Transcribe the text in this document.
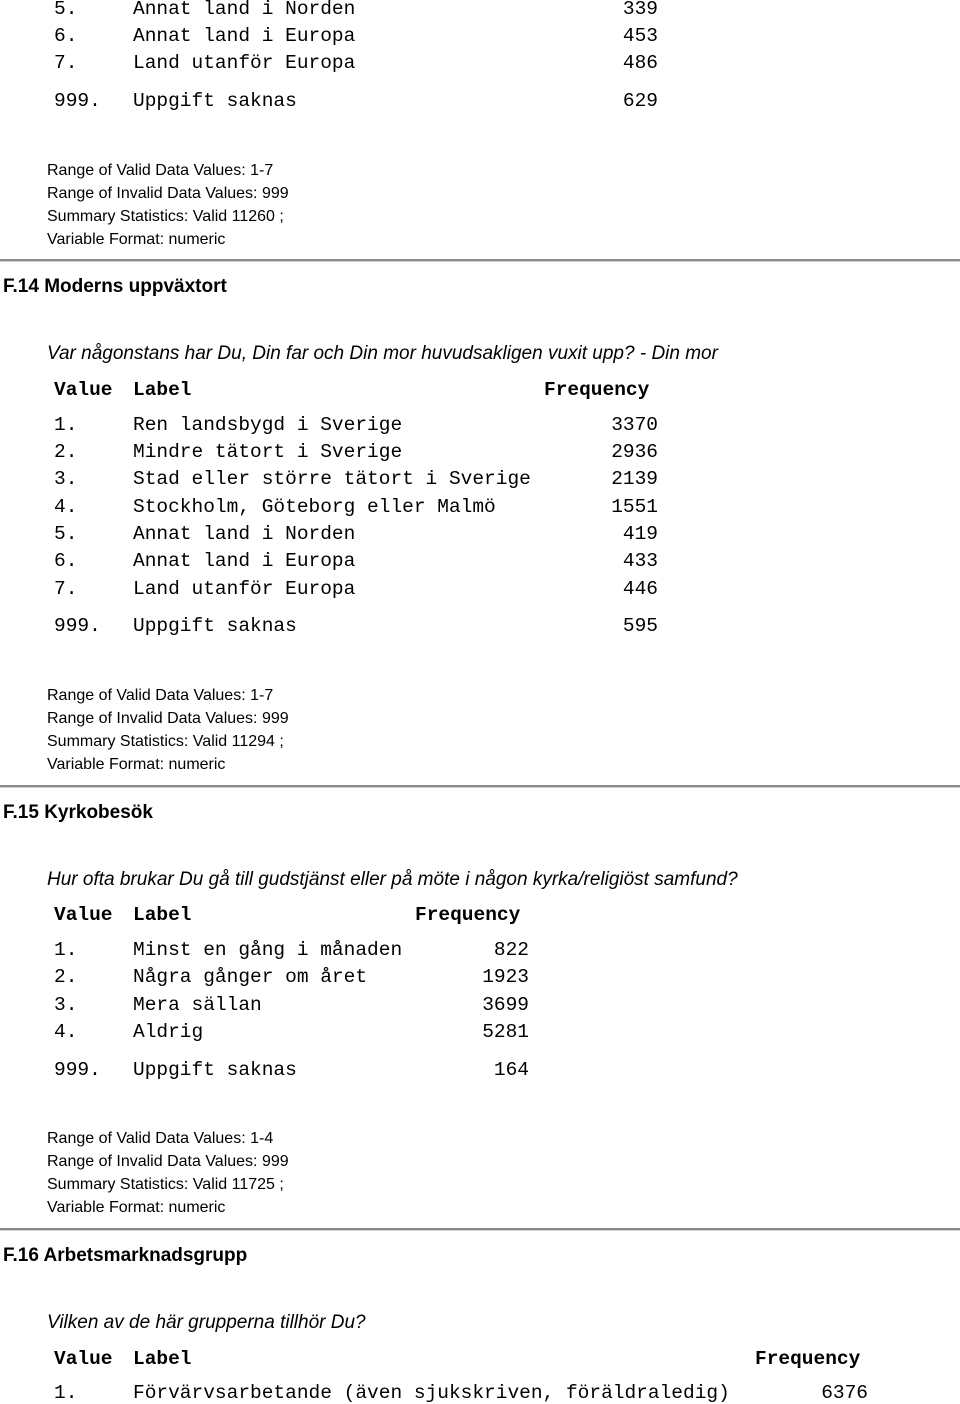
5.	Annat land i Norden	339
6.	Annat land i Europa	453
7.	Land utanför Europa	486
999. Uppgift saknas	629
Range of Valid Data Values: 1-7
Range of Invalid Data Values: 999
Summary Statistics: Valid 11260 ;
Variable Format: numeric
F.14 Moderns uppväxtort
Var någonstans har Du, Din far och Din mor huvudsakligen vuxit upp? - Din mor
Value Label	Frequency
1.	Ren landsbygd i Sverige	3370
2.	Mindre tätort i Sverige	2936
3.	Stad eller större tätort i Sverige	2139
4.	Stockholm, Göteborg eller Malmö	1551
5.	Annat land i Norden	419
6.	Annat land i Europa	433
7.	Land utanför Europa	446
999. Uppgift saknas	595
Range of Valid Data Values: 1-7
Range of Invalid Data Values: 999
Summary Statistics: Valid 11294 ;
Variable Format: numeric
F.15 Kyrkobesök
Hur ofta brukar Du gå till gudstjänst eller på möte i någon kyrka/religiöst samfund?
Value Label	Frequency
1.	Minst en gång i månaden	822
2.	Några gånger om året	1923
3.	Mera sällan	3699
4.	Aldrig	5281
999. Uppgift saknas	164
Range of Valid Data Values: 1-4
Range of Invalid Data Values: 999
Summary Statistics: Valid 11725 ;
Variable Format: numeric
F.16 Arbetsmarknadsgrupp
Vilken av de här grupperna tillhör Du?
Value Label	Frequency
1.	Förvärvsarbetande (även sjukskriven, föräldraledig)	6376
